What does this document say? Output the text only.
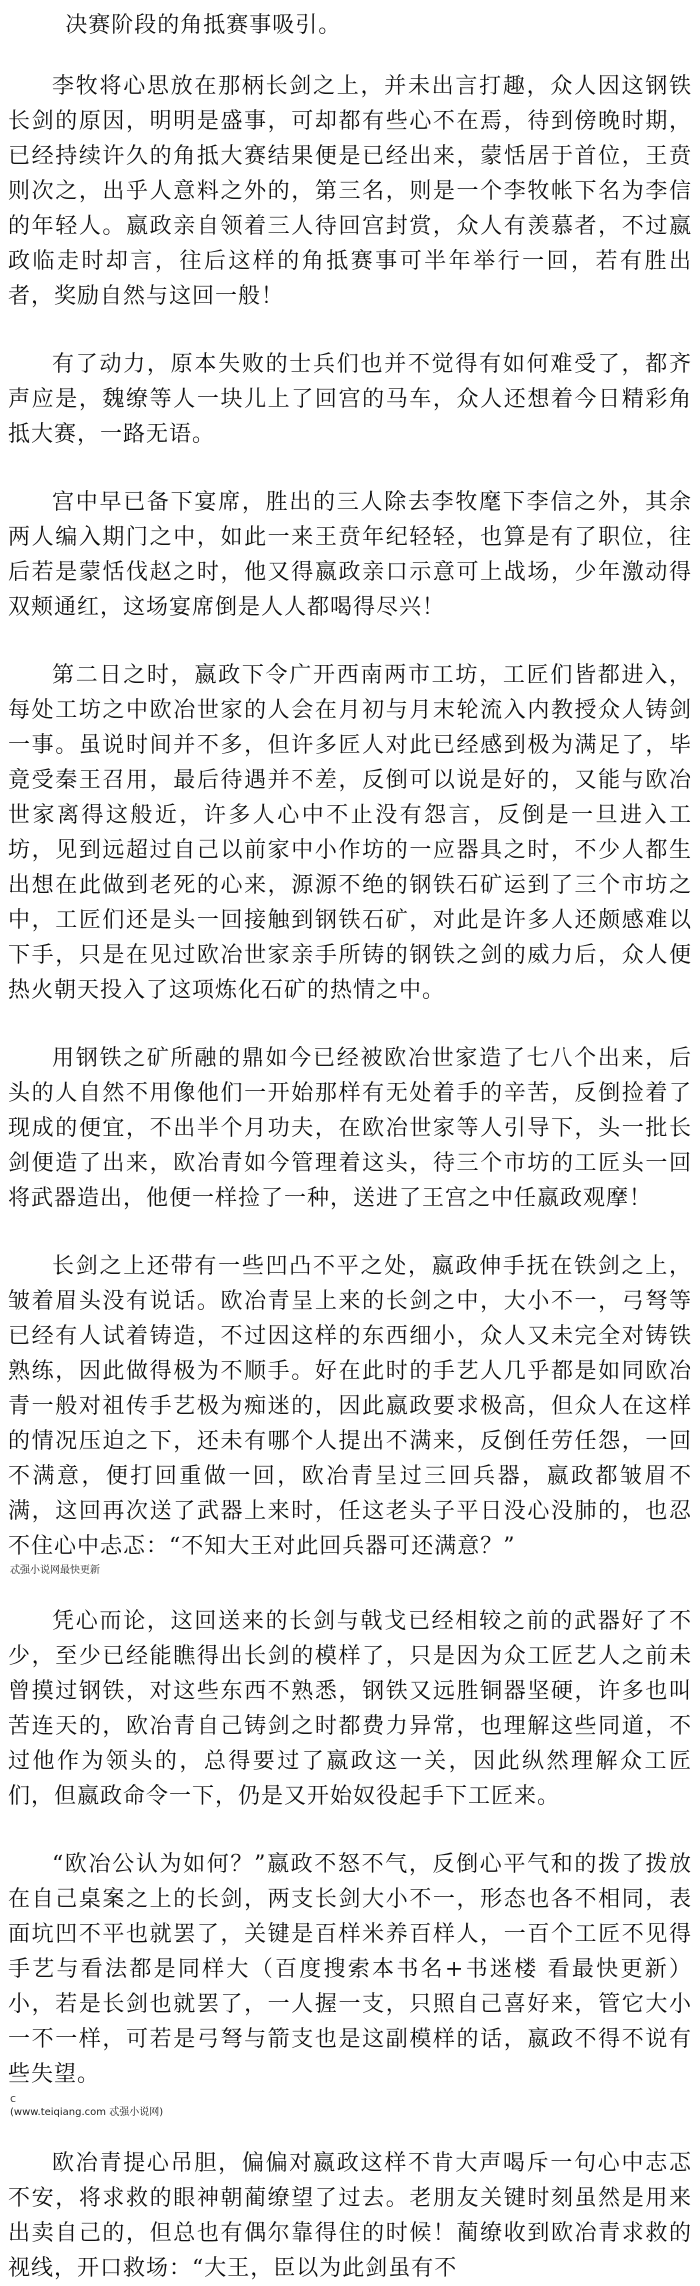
决赛阶段的角抵赛事吸引。

李牧将心思放在那柄长剑之上，并未出言打趣，众人因这钢铁长剑的原因，明明是盛事，可却都有些心不在焉，待到傍晚时期，已经持续许久的角抵大赛结果便是已经出来，蒙恬居于首位，王贲则次之，出乎人意料之外的，第三名，则是一个李牧帐下名为李信的年轻人。嬴政亲自领着三人待回宫封赏，众人有羡慕者，不过嬴政临走时却言，往后这样的角抵赛事可半年举行一回，若有胜出者，奖励自然与这回一般！

有了动力，原本失败的士兵们也并不觉得有如何难受了，都齐声应是，魏缭等人一块儿上了回宫的马车，众人还想着今日精彩角抵大赛，一路无语。

宫中早已备下宴席，胜出的三人除去李牧麾下李信之外，其余两人编入期门之中，如此一来王贲年纪轻轻，也算是有了职位，往后若是蒙恬伐赵之时，他又得嬴政亲口示意可上战场，少年激动得双颊通红，这场宴席倒是人人都喝得尽兴！

第二日之时，嬴政下令广开西南两市工坊，工匠们皆都进入，每处工坊之中欧冶世家的人会在月初与月末轮流入内教授众人铸剑一事。虽说时间并不多，但许多匠人对此已经感到极为满足了，毕竟受秦王召用，最后待遇并不差，反倒可以说是好的，又能与欧冶世家离得这般近，许多人心中不止没有怨言，反倒是一旦进入工坊，见到远超过自己以前家中小作坊的一应器具之时，不少人都生出想在此做到老死的心来，源源不绝的钢铁石矿运到了三个市坊之中，工匠们还是头一回接触到钢铁石矿，对此是许多人还颇感难以下手，只是在见过欧冶世家亲手所铸的钢铁之剑的威力后，众人便热火朝天投入了这项炼化石矿的热情之中。

用钢铁之矿所融的鼎如今已经被欧冶世家造了七八个出来，后头的人自然不用像他们一开始那样有无处着手的辛苦，反倒捡着了现成的便宜，不出半个月功夫，在欧冶世家等人引导下，头一批长剑便造了出来，欧冶青如今管理着这头，待三个市坊的工匠头一回将武器造出，他便一样捡了一种，送进了王宫之中任嬴政观摩！

长剑之上还带有一些凹凸不平之处，嬴政伸手抚在铁剑之上，皱着眉头没有说话。欧冶青呈上来的长剑之中，大小不一，弓弩等已经有人试着铸造，不过因这样的东西细小，众人又未完全对铸铁熟练，因此做得极为不顺手。好在此时的手艺人几乎都是如同欧冶青一般对祖传手艺极为痴迷的，因此嬴政要求极高，但众人在这样的情况压迫之下，还未有哪个人提出不满来，反倒任劳任怨，一回不满意，便打回重做一回，欧冶青呈过三回兵器，嬴政都皱眉不满，这回再次送了武器上来时，任这老头子平日没心没肺的，也忍不住心中忐忑：“不知大王对此回兵器可还满意？”

忒强小说网最快更新

凭心而论，这回送来的长剑与戟戈已经相较之前的武器好了不少，至少已经能瞧得出长剑的模样了，只是因为众工匠艺人之前未曾摸过钢铁，对这些东西不熟悉，钢铁又远胜铜器坚硬，许多也叫苦连天的，欧冶青自己铸剑之时都费力异常，也理解这些同道，不过他作为领头的，总得要过了嬴政这一关，因此纵然理解众工匠们，但嬴政命令一下，仍是又开始奴役起手下工匠来。

“欧冶公认为如何？”嬴政不怒不气，反倒心平气和的拨了拨放在自己桌案之上的长剑，两支长剑大小不一，形态也各不相同，表面坑凹不平也就罢了，关键是百样米养百样人，一百个工匠不见得手艺与看法都是同样大（百度搜索本书名+书迷楼 看最快更新）小，若是长剑也就罢了，一人握一支，只照自己喜好来，管它大小一不一样，可若是弓弩与箭支也是这副模样的话，嬴政不得不说有些失望。

c

(www.teiqiang.com 忒强小说网)

欧冶青提心吊胆，偏偏对嬴政这样不肯大声喝斥一句心中志忑不安，将求救的眼神朝蔺缭望了过去。老朋友关键时刻虽然是用来出卖自己的，但总也有偶尔靠得住的时候！蔺缭收到欧冶青求救的视线，开口救场：“大王，臣以为此剑虽有不
